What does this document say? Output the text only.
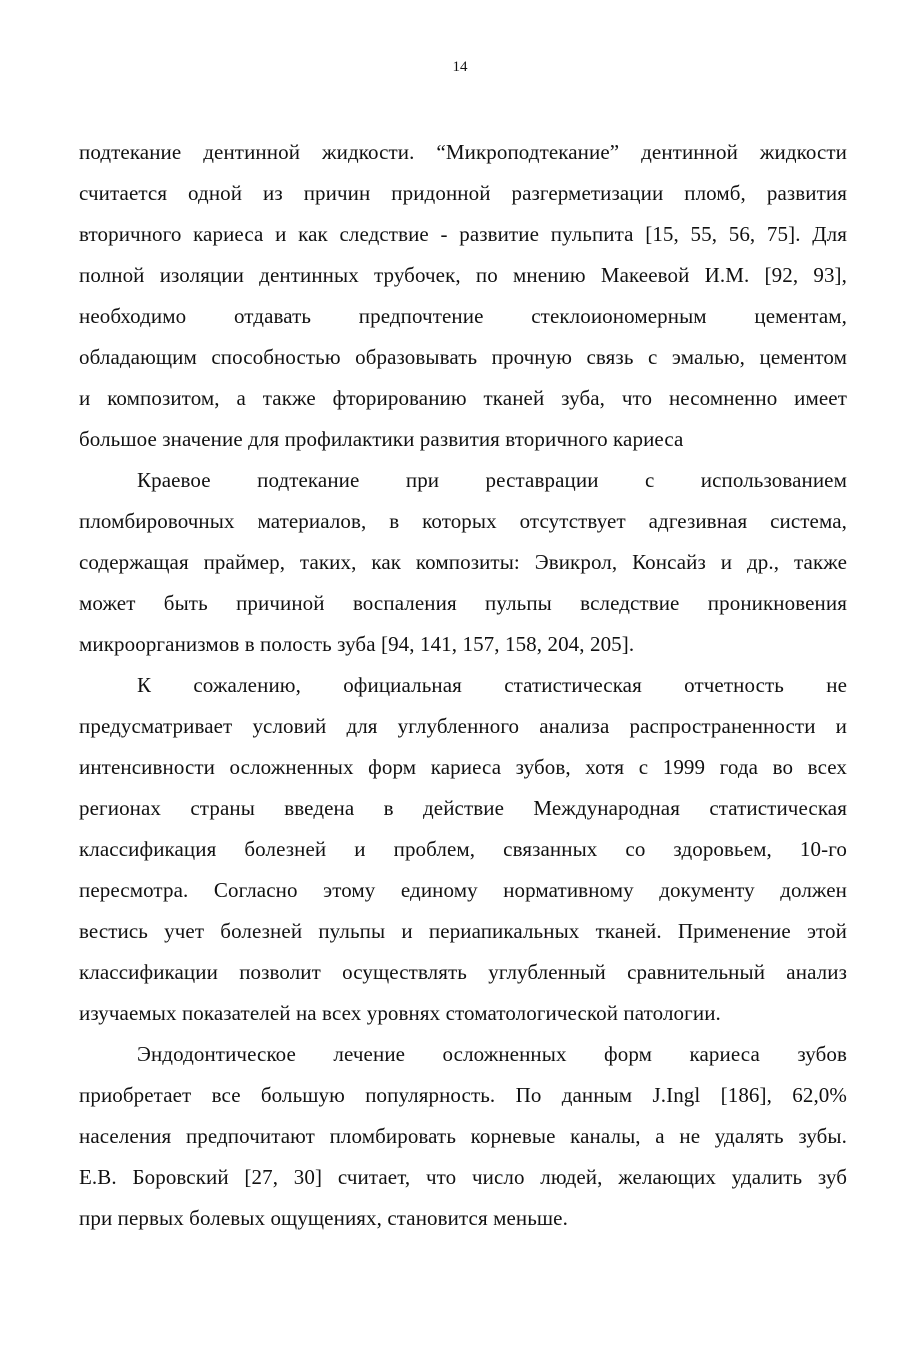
14

подтекание дентинной жидкости. “Микроподтекание” дентинной жидкости
считается одной из причин придонной разгерметизации пломб, развития
вторичного кариеса и как следствие - развитие пульпита [15, 55, 56, 75]. Для
полной изоляции дентинных трубочек, по мнению Макеевой И.М. [92, 93],
необходимо отдавать предпочтение стеклоиономерным цементам,
обладающим способностью образовывать прочную связь с эмалью, цементом
и композитом, а также фторированию тканей зуба, что несомненно имеет
большое значение для профилактики развития вторичного кариеса

Краевое подтекание при реставрации с использованием
пломбировочных материалов, в которых отсутствует адгезивная система,
содержащая праймер, таких, как композиты: Эвикрол, Консайз и др., также
может быть причиной воспаления пульпы вследствие проникновения
микроорганизмов в полость зуба [94, 141, 157, 158, 204, 205].

К сожалению, официальная статистическая отчетность не
предусматривает условий для углубленного анализа распространенности и
интенсивности осложненных форм кариеса зубов, хотя с 1999 года во всех
регионах страны введена в действие Международная статистическая
классификация болезней и проблем, связанных со здоровьем, 10-го
пересмотра. Согласно этому единому нормативному документу должен
вестись учет болезней пульпы и периапикальных тканей. Применение этой
классификации позволит осуществлять углубленный сравнительный анализ
изучаемых показателей на всех уровнях стоматологической патологии.

Эндодонтическое лечение осложненных форм кариеса зубов
приобретает все большую популярность. По данным J.Ingl [186], 62,0%
населения предпочитают пломбировать корневые каналы, а не удалять зубы.
Е.В. Боровский [27, 30] считает, что число людей, желающих удалить зуб
при первых болевых ощущениях, становится меньше.
